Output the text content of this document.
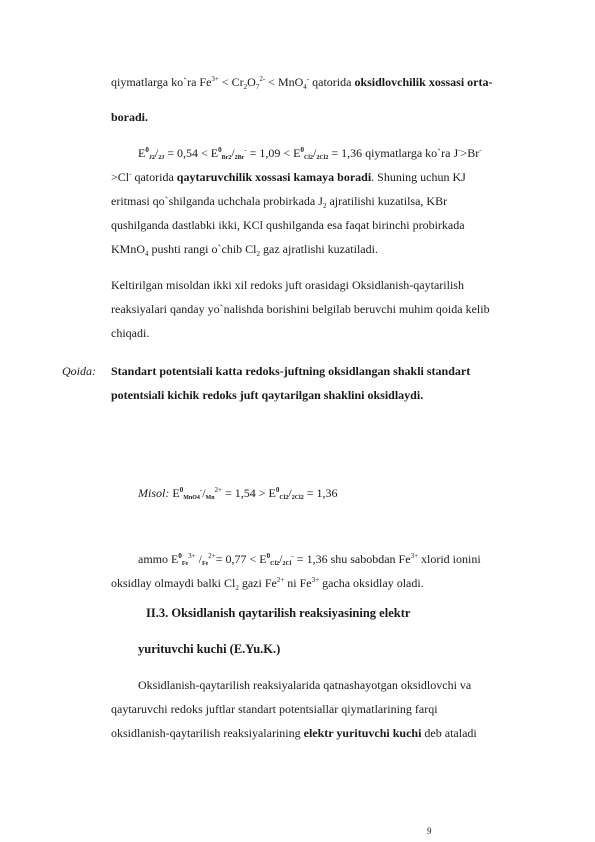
qiymatlarga ko`ra $Fe^{3+} < Cr_2O_7^{2-} < MnO_4^-$ qatorida oksidlovchilik xossasi orta-
boradi.
$E^0J2/2J = 0,54 < E^0Br2/2Br^- = 1,09 < E^0Cl2/2Cl2 = 1,36$ qiymatlarga ko`ra J->Br-
>Cl- qatorida qaytaruvchilik xossasi kamaya boradi. Shuning uchun KJ
eritmasi qo`shilganda uchchala probirkada $J_2$ ajratilishi kuzatilsa, KBr
qushilganda dastlabki ikki, KCl qushilganda esa faqat birinchi probirkada
KMnO$_4$ pushti rangi o`chib $Cl_2$ gaz ajratlishi kuzatiladi.
Keltirilgan misoldan ikki xil redoks juft orasidagi Oksidlanish-qaytarilish
reaksiyalari qanday yo`nalishda borishini belgilab beruvchi muhim qoida kelib
chiqadi.
Qoida: Standart potentsiali katta redoks-juftning oksidlangan shakli standart
potentsiali kichik redoks juft qaytarilgan shaklini oksidlaydi.
Misol: $E^0MnO4^-/Mn^{2+} = 1,54 > E^0Cl2/2Cl2 = 1,36$
ammo $E^0Fe^{3+}$ $/Fe^{2+}= 0,77 < E^0Cl2/2Cl^- = 1,36$ shu sabobdan $Fe^{3+}$ xlorid ionini
oksidlay olmaydi balki $Cl_2$ gazi $Fe^{2+}$ ni $Fe^{3+}$ gacha oksidlay oladi.
II.3. Oksidlanish qaytarilish reaksiyasining elektr
yurituvchi kuchi (E.Yu.K.)
Oksidlanish-qaytarilish reaksiyalarida qatnashayotgan oksidlovchi va
qaytaruvchi redoks juftlar standart potentsiallar qiymatlarining farqi
oksidlanish-qaytarilish reaksiyalarining elektr yurituvchi kuchi deb ataladi
9
